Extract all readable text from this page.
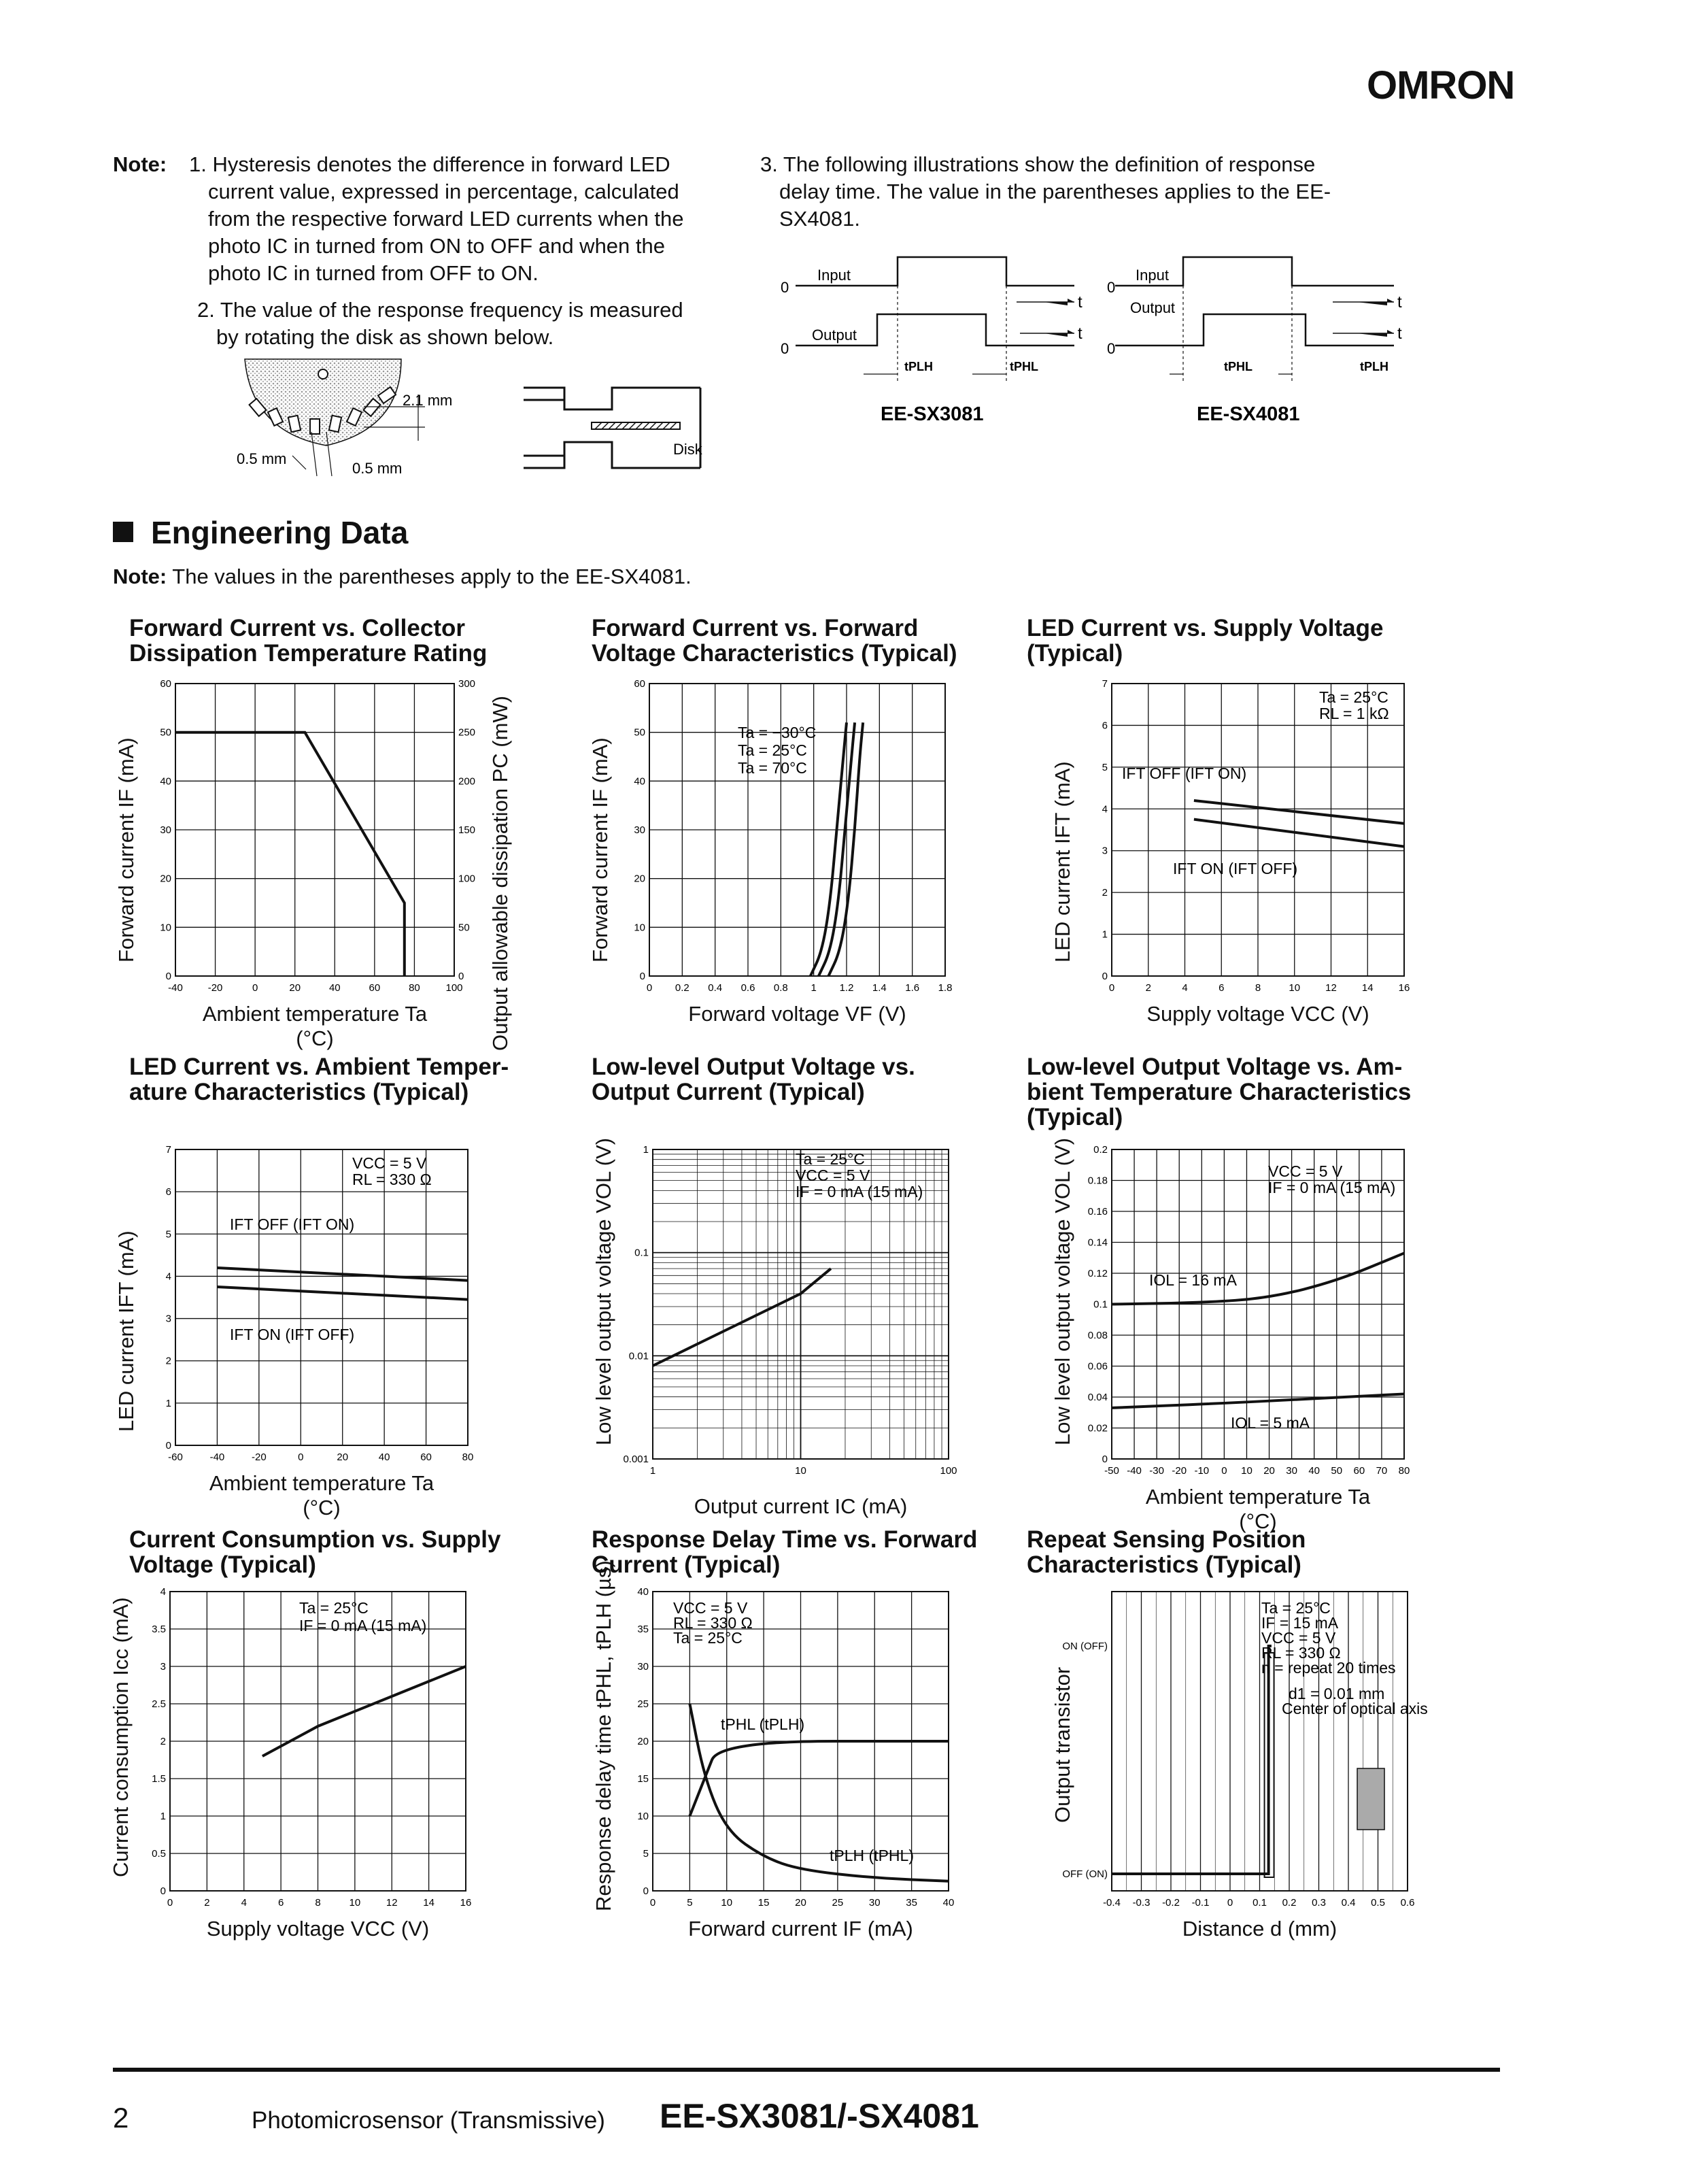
OMRON
Note: 1. Hysteresis denotes the difference in forward LED
current value, expressed in percentage, calculated
from the respective forward LED currents when the
photo IC in turned from ON to OFF and when the
photo IC in turned from OFF to ON.
2. The value of the response frequency is measured
by rotating the disk as shown below.
2.1 mm
0.5 mm
0.5 mm
Disk
3. The following illustrations show the definition of response
delay time. The value in the parentheses applies to the EE-
SX4081.
0
Input
0
Output
t
t
tPLH	tPHL
EE-SX3081
0
Input
0
Output	t
t
tPHL	tPLH
EE-SX4081
Engineering Data
Note: The values in the parentheses apply to the EE-SX4081.
Forward Current vs. Collector
Dissipation Temperature Rating
Ambient temperature Ta (°C)
Forward current IF (mA)	Output allowable dissipation PC (mW)
Forward Current vs. Forward
Voltage Characteristics (Typical)
Forward voltage VF (V)
Forward current IF (mA)
LED Current vs. Supply Voltage
(Typical)
Supply voltage VCC (V)
LED current IFT (mA)
LED Current vs. Ambient Temper-
ature Characteristics (Typical)
Ambient temperature Ta (°C)
LED current IFT (mA)
Low-level Output Voltage vs.
Output Current (Typical)
Output current IC (mA)
Low level output voltage VOL (V)
Low-level Output Voltage vs. Am-
bient Temperature Characteristics
(Typical)
Ambient temperature Ta (°C)
Low level output voltage VOL (V)
Current Consumption vs. Supply
Voltage (Typical)
Supply voltage VCC (V)
Current consumption Icc (mA)
Response Delay Time vs. Forward
Current (Typical)
Forward current IF (mA)
Response delay time tPHL, tPLH (µs)
Repeat Sensing Position
Characteristics (Typical)
Distance d (mm)
Output transistor
-40 -20	0	20	40	60	80	100
0
10
20
30
40
50
60
0
50
100
150
200
250
300
0 0.2 0.4 0.6 0.8 1 1.2 1.4 1.6 1.8
0
10
20
30
40
50
60
Ta = −30°C
Ta = 25°C
Ta = 70°C
0	2	4	6	8	10 12 14 16
0
1
2
3
4
5
6
7
Ta = 25°C
RL = 1 kΩ
IFT OFF (IFT ON)
IFT ON (IFT OFF)
-60	-40	-20	0	20	40	60	80
0
1
2
3
4
5
6
7
VCC = 5 V
RL = 330 Ω
IFT OFF (IFT ON)
IFT ON (IFT OFF)
1	10	100
0.001
0.01
0.1
1
Ta = 25°C
VCC = 5 V
IF = 0 mA (15 mA)
-50 -40 -30 -20 -10 0 10 20 30 40 50 60 70 80
0
0.02
0.04
0.06
0.08
0.1
0.12
0.14
0.16
0.18
0.2
VCC = 5 V
IF = 0 mA (15 mA)
IOL = 16 mA
IOL = 5 mA
0	2	4	6	8	10	12	14	16
0
0.5
1
1.5
2
2.5
3
3.5
4
Ta = 25°C
IF = 0 mA (15 mA)
0	5	10	15	20	25	30	35	40
0
5
10
15
20
25
30
35
40
VCC = 5 V
RL = 330 Ω
Ta = 25°C
tPHL (tPLH)
tPLH (tPHL)
-0.4 -0.3 -0.2 -0.1 0 0.1 0.2 0.3 0.4 0.5 0.6
ON (OFF)
OFF (ON)
Ta = 25°C
IF = 15 mA
VCC = 5 V
RL = 330 Ω
n = repeat 20 times
d1 = 0.01 mm
Center of optical axis
2	Photomicrosensor (Transmissive) EE-SX3081/-SX4081
